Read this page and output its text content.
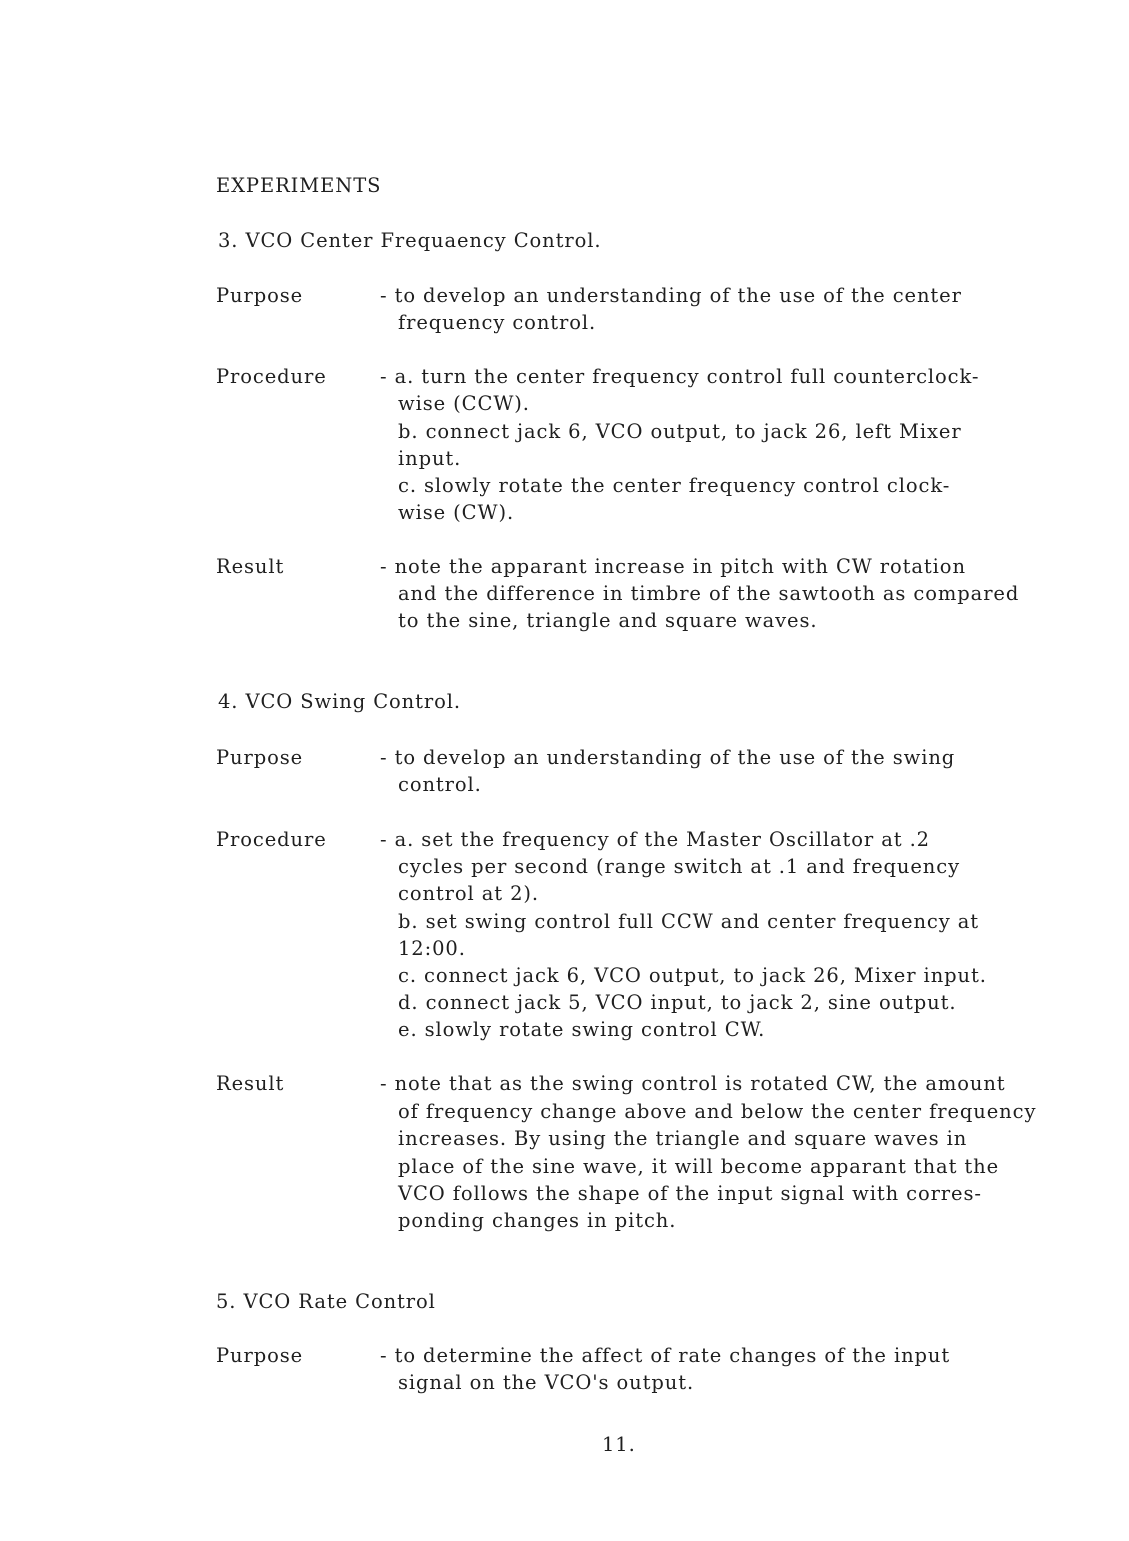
EXPERIMENTS
3. VCO Center Frequaency Control.
Purpose	- to develop an understanding of the use of the center
frequency control.
Procedure	- a. turn the center frequency control full counterclock-
wise (CCW).
b. connect jack 6, VCO output, to jack 26, left Mixer
input.
c. slowly rotate the center frequency control clock-
wise (CW).
Result	- note the apparant increase in pitch with CW rotation
and the difference in timbre of the sawtooth as compared
to the sine, triangle and square waves.
4. VCO Swing Control.
Purpose	- to develop an understanding of the use of the swing
control.
Procedure	- a. set the frequency of the Master Oscillator at .2
cycles per second (range switch at .1 and frequency
control at 2).
b. set swing control full CCW and center frequency at
12:00.
c. connect jack 6, VCO output, to jack 26, Mixer input.
d. connect jack 5, VCO input, to jack 2, sine output.
e. slowly rotate swing control CW.
Result	- note that as the swing control is rotated CW, the amount
of frequency change above and below the center frequency
increases. By using the triangle and square waves in
place of the sine wave, it will become apparant that the
VCO follows the shape of the input signal with corres-
ponding changes in pitch.
5. VCO Rate Control
Purpose	- to determine the affect of rate changes of the input
signal on the VCO's output.
11.
